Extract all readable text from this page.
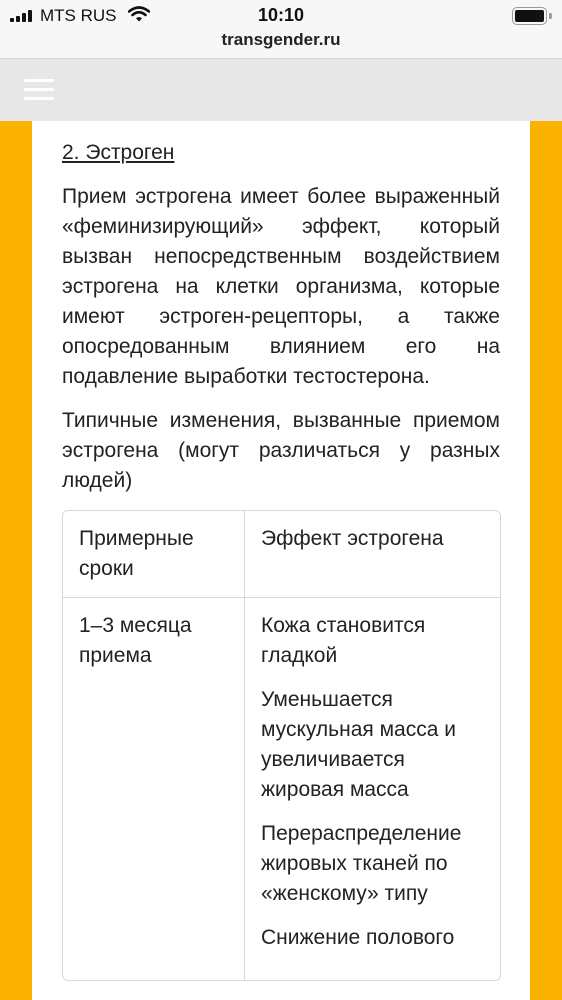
MTS RUS	10:10
transgender.ru
2. Эстроген

Прием эстрогена имеет более выраженный «феминизирующий» эффект, который вызван непосредственным воздействием эстрогена на клетки организма, которые имеют эстроген-рецепторы, а также опосредованным влиянием его на подавление выработки тестостерона.

Типичные изменения, вызванные приемом эстрогена (могут различаться у разных людей)

Примерные сроки	Эффект эстрогена
1–3 месяца приема	Кожа становится гладкой
Уменьшается мускульная масса и увеличивается жировая масса
Перераспределение жировых тканей по «женскому» типу
Снижение полового
